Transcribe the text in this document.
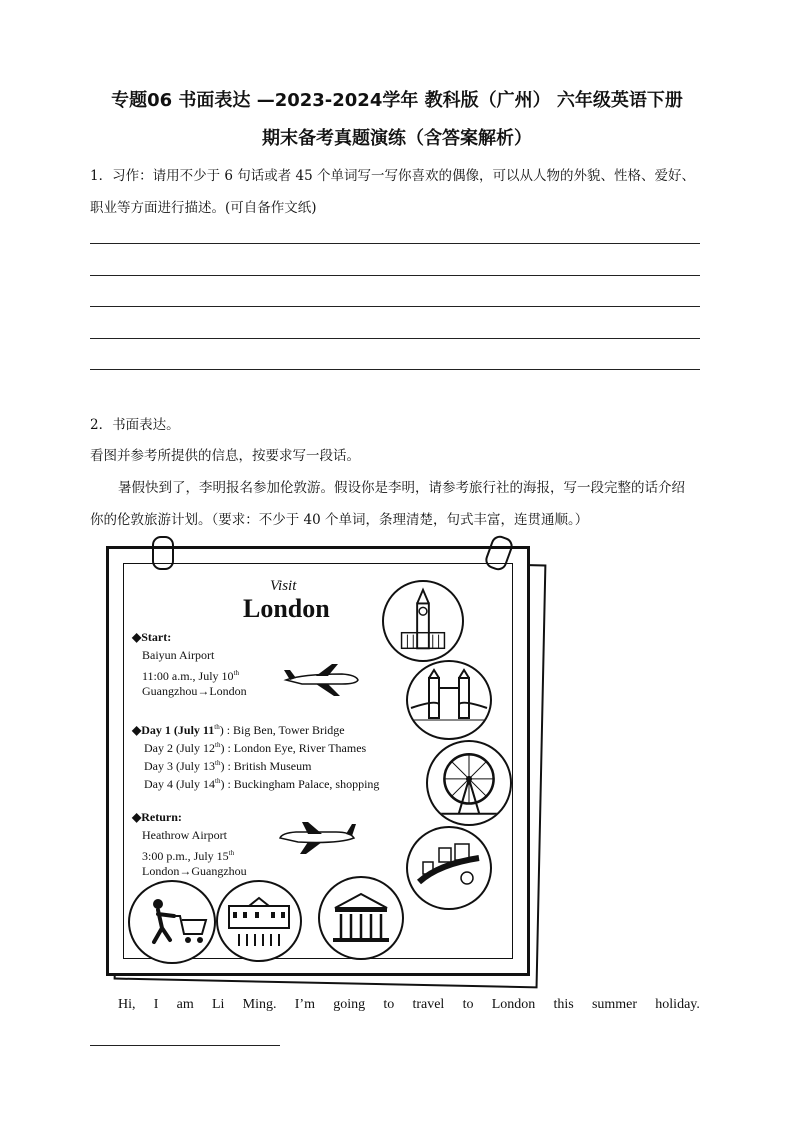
专题06 书面表达 —2023-2024学年 教科版（广州） 六年级英语下册
期末备考真题演练（含答案解析）
1．习作：请用不少于 6 句话或者 45 个单词写一写你喜欢的偶像，可以从人物的外貌、性格、爱好、
职业等方面进行描述。(可自备作文纸)
2．书面表达。
看图并参考所提供的信息，按要求写一段话。
暑假快到了，李明报名参加伦敦游。假设你是李明，请参考旅行社的海报，写一段完整的话介绍
你的伦敦旅游计划。（要求：不少于 40 个单词，条理清楚，句式丰富，连贯通顺。）
Visit
London
◆Start:
Baiyun Airport
11:00 a.m., July 10th
Guangzhou→London
◆Day 1 (July 11th) : Big Ben, Tower Bridge
Day 2 (July 12th) : London Eye, River Thames
Day 3 (July 13th) : British Museum
Day 4 (July 14th) : Buckingham Palace, shopping
◆Return:
Heathrow Airport
3:00 p.m., July 15th
London→Guangzhou
Hi, I am Li Ming. I’m going to travel to London this summer holiday.
